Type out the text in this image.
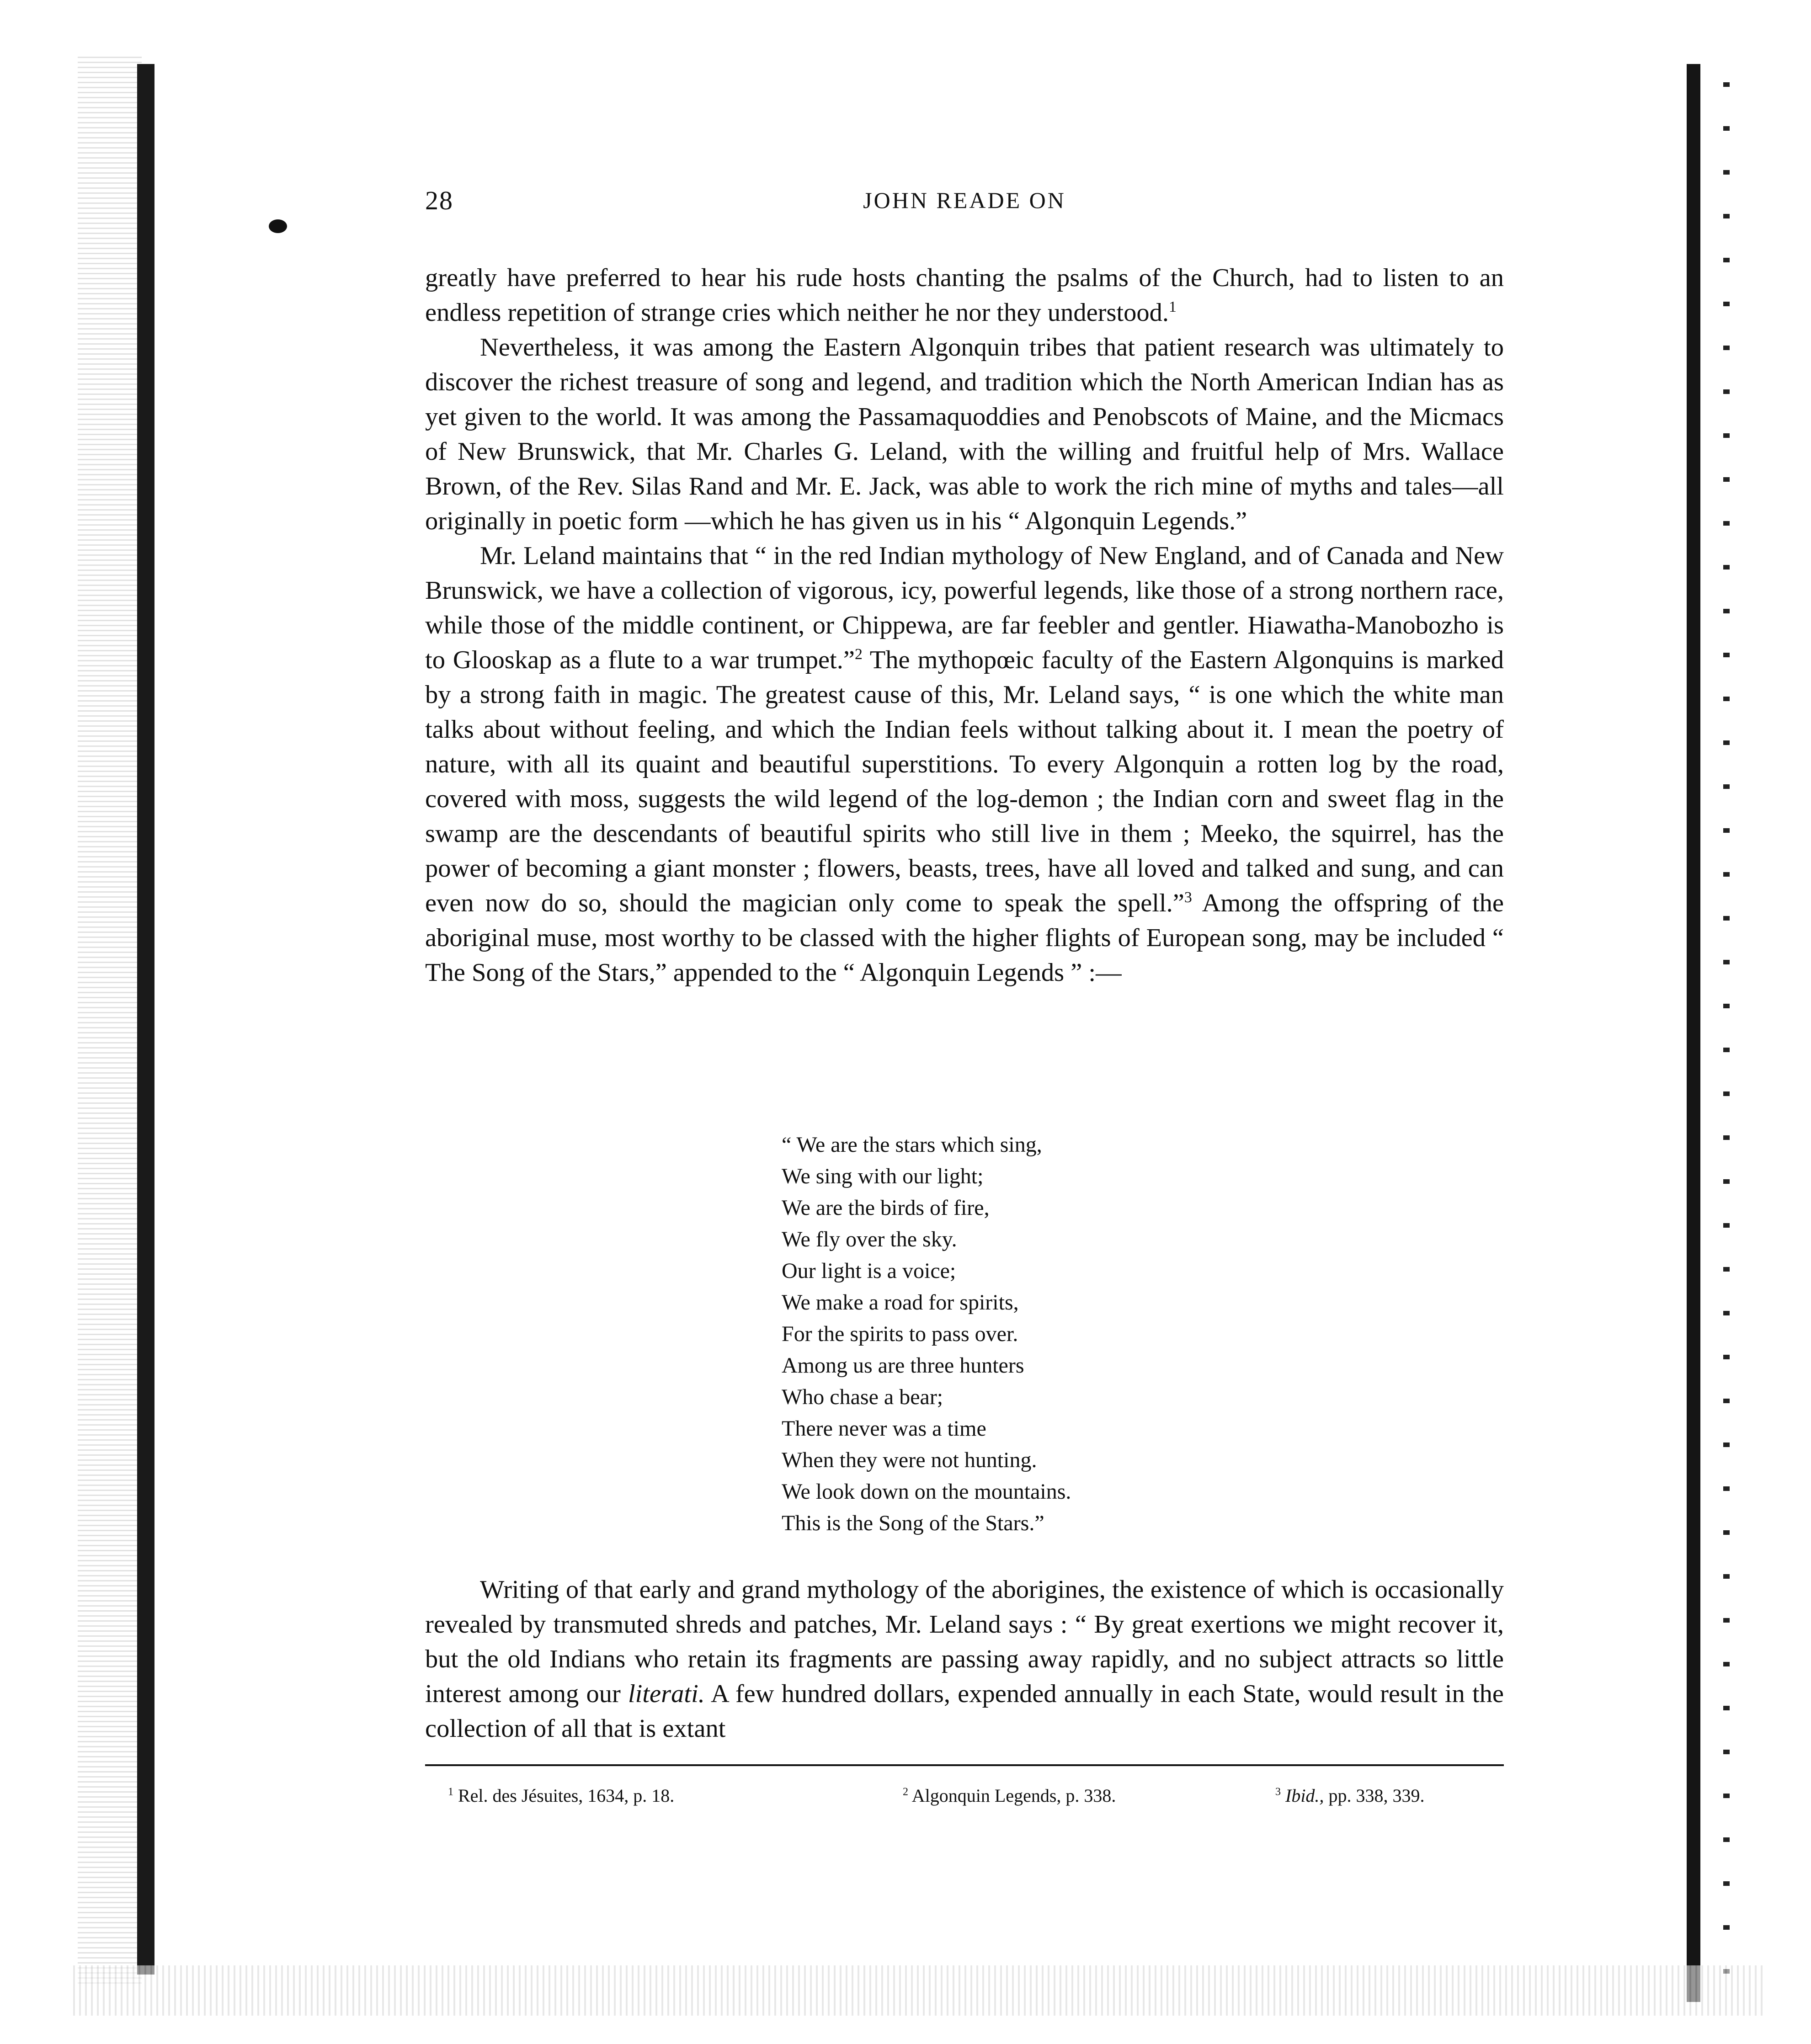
28	JOHN READE ON

greatly have preferred to hear his rude hosts chanting the psalms of the Church, had to listen to an endless repetition of strange cries which neither he nor they understood.$^1$

Nevertheless, it was among the Eastern Algonquin tribes that patient research was ultimately to discover the richest treasure of song and legend, and tradition which the North American Indian has as yet given to the world. It was among the Passamaquoddies and Penobscots of Maine, and the Micmacs of New Brunswick, that Mr. Charles G. Leland, with the willing and fruitful help of Mrs. Wallace Brown, of the Rev. Silas Rand and Mr. E. Jack, was able to work the rich mine of myths and tales—all originally in poetic form —which he has given us in his “ Algonquin Legends.”

Mr. Leland maintains that “ in the red Indian mythology of New England, and of Canada and New Brunswick, we have a collection of vigorous, icy, powerful legends, like those of a strong northern race, while those of the middle continent, or Chippewa, are far feebler and gentler. Hiawatha-Manobozho is to Glooskap as a flute to a war trumpet.”$^2$ The mythopœic faculty of the Eastern Algonquins is marked by a strong faith in magic. The greatest cause of this, Mr. Leland says, “ is one which the white man talks about without feeling, and which the Indian feels without talking about it. I mean the poetry of nature, with all its quaint and beautiful superstitions. To every Algonquin a rotten log by the road, covered with moss, suggests the wild legend of the log-demon ; the Indian corn and sweet flag in the swamp are the descendants of beautiful spirits who still live in them ; Meeko, the squirrel, has the power of becoming a giant monster ; flowers, beasts, trees, have all loved and talked and sung, and can even now do so, should the magician only come to speak the spell.”$^3$ Among the offspring of the aboriginal muse, most worthy to be classed with the higher flights of European song, may be included “ The Song of the Stars,” appended to the “ Algonquin Legends ” :—

“ We are the stars which sing,
We sing with our light;
We are the birds of fire,
We fly over the sky.
Our light is a voice;
We make a road for spirits,
For the spirits to pass over.
Among us are three hunters
Who chase a bear;
There never was a time
When they were not hunting.
We look down on the mountains.
This is the Song of the Stars.”

Writing of that early and grand mythology of the aborigines, the existence of which is occasionally revealed by transmuted shreds and patches, Mr. Leland says : “ By great exertions we might recover it, but the old Indians who retain its fragments are passing away rapidly, and no subject attracts so little interest among our literati. A few hundred dollars, expended annually in each State, would result in the collection of all that is extant

$^1$ Rel. des Jésuites, 1634, p. 18.	$^2$ Algonquin Legends, p. 338.	$^3$ Ibid., pp. 338, 339.
